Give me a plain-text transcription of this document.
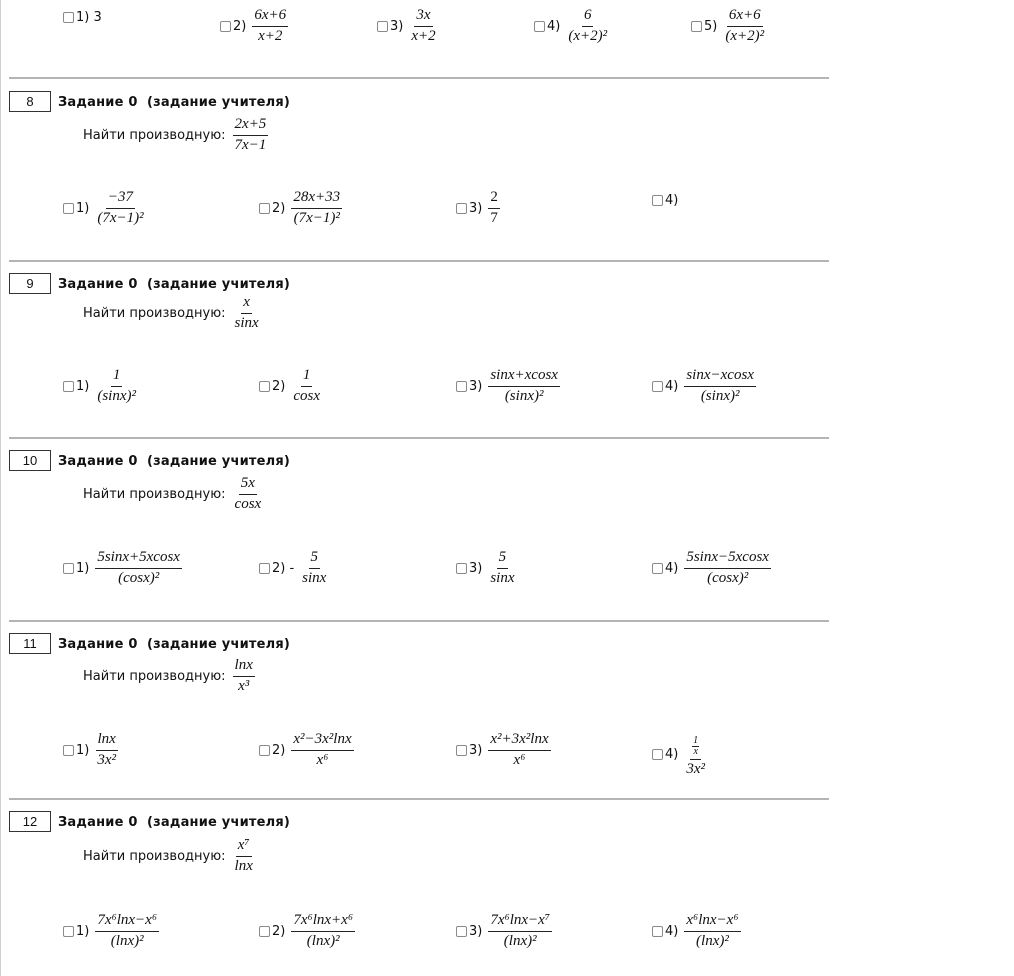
1) 3
$2) \frac{6x+6}{x+2}$	$3) \frac{3x}{x+2}$	$4) \frac{6}{\text{(x+2)²}}$	$5) \frac{6x+6}{\text{(x+2)²}}$
8	Задание 0  (задание учителя)
Найти производную: $\frac{2x+5}{7x-1}$
$1) \frac{-37}{\text{(7x−1)²}}$	$2) \frac{28x+33}{\text{(7x−1)²}}$	$3) \frac{2}{7}$	4)
9	Задание 0  (задание учителя)
Найти производную: $\frac{x}{\sin x}$
$1) \frac{1}{\text{(sinx)²}}$	$2) \frac{1}{\cos x}$	$3) \frac{\sin x+xcosx}{\text{(sinx)²}}$	$4) \frac{\sin x-xcosx}{\text{(sinx)²}}$
10	Задание 0  (задание учителя)
Найти производную: $\frac{5x}{\cos x}$
$1) \frac{5\sin x+5xcosx}{\text{(cosx)²}}$	$2) - \frac{5}{\sin x}$	$3) \frac{5}{\sin x}$	$4) \frac{5\sin x-5xcosx}{\text{(cosx)²}}$
11	Задание 0  (задание учителя)
Найти производную: $\frac{\ln x}{\text{x³}}$
$1) \frac{\ln x}{\text{3x²}}$	$2) \frac{\text{x²−3x²lnx}}{\text{x⁶}}$	$3) \frac{\text{x²+3x²lnx}}{\text{x⁶}}$	$4) \frac{\frac{1}{x}}{\text{3x²}}$
12	Задание 0  (задание учителя)
Найти производную: $\frac{\text{x⁷}}{\ln x}$
$1) \frac{\text{7x⁶lnx−x⁶}}{\text{(lnx)²}}$	$2) \frac{\text{7x⁶lnx+x⁶}}{\text{(lnx)²}}$	$3) \frac{\text{7x⁶lnx−x⁷}}{\text{(lnx)²}}$	$4) \frac{\text{x⁶lnx−x⁶}}{\text{(lnx)²}}$
